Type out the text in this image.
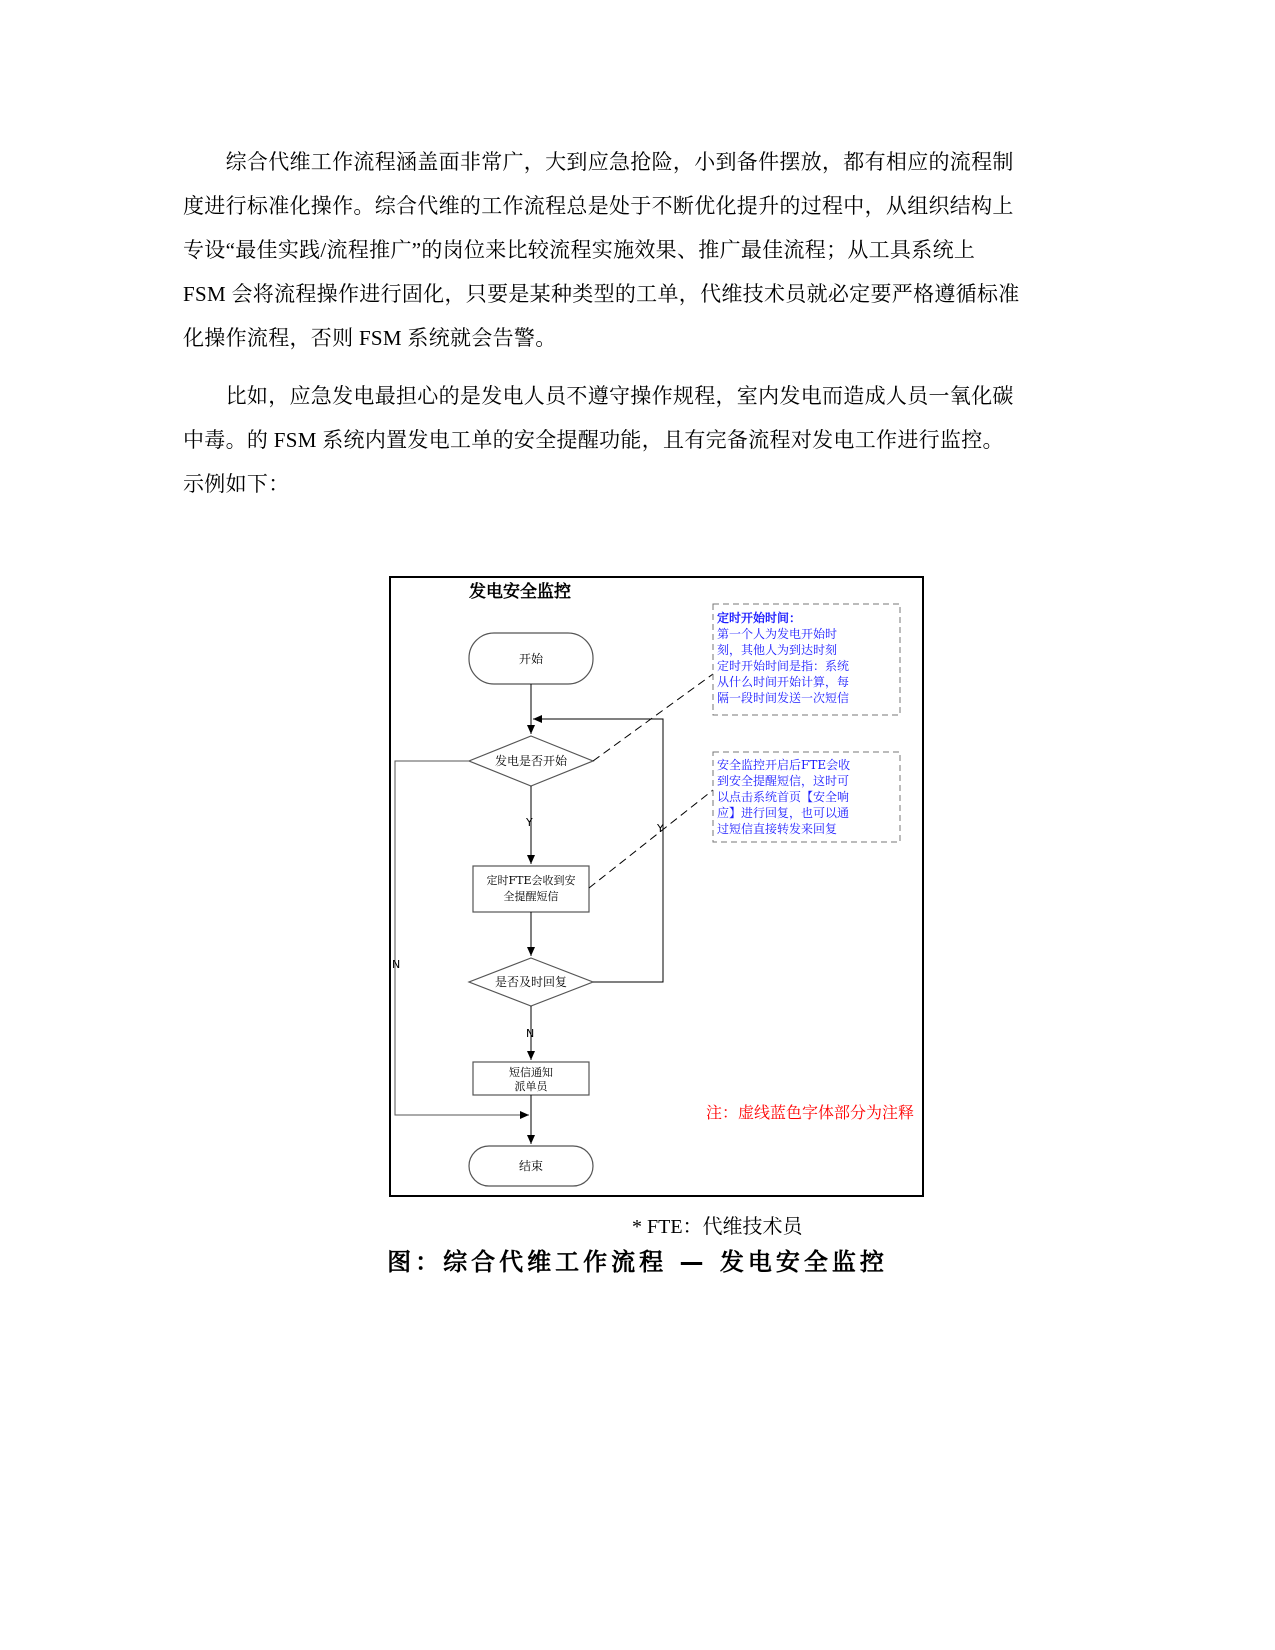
　　综合代维工作流程涵盖面非常广，大到应急抢险，小到备件摆放，都有相应的流程制
度进行标准化操作。综合代维的工作流程总是处于不断优化提升的过程中，从组织结构上
专设“最佳实践/流程推广”的岗位来比较流程实施效果、推广最佳流程；从工具系统上
FSM 会将流程操作进行固化，只要是某种类型的工单，代维技术员就必定要严格遵循标准
化操作流程，否则 FSM 系统就会告警。
　　比如，应急发电最担心的是发电人员不遵守操作规程，室内发电而造成人员一氧化碳
中毒。的 FSM 系统内置发电工单的安全提醒功能，且有完备流程对发电工作进行监控。
示例如下：
发电安全监控
开始
发电是否开始
Y
定时FTE会收到安
全提醒短信
是否及时回复
Y
N
短信通知
派单员
N
结束
定时开始时间：
第一个人为发电开始时
刻，其他人为到达时刻
定时开始时间是指：系统
从什么时间开始计算，每
隔一段时间发送一次短信
安全监控开启后FTE会收
到安全提醒短信，这时可
以点击系统首页【安全响
应】进行回复，也可以通
过短信直接转发来回复
注：虚线蓝色字体部分为注释
* FTE：代维技术员
图：综合代维工作流程 — 发电安全监控
